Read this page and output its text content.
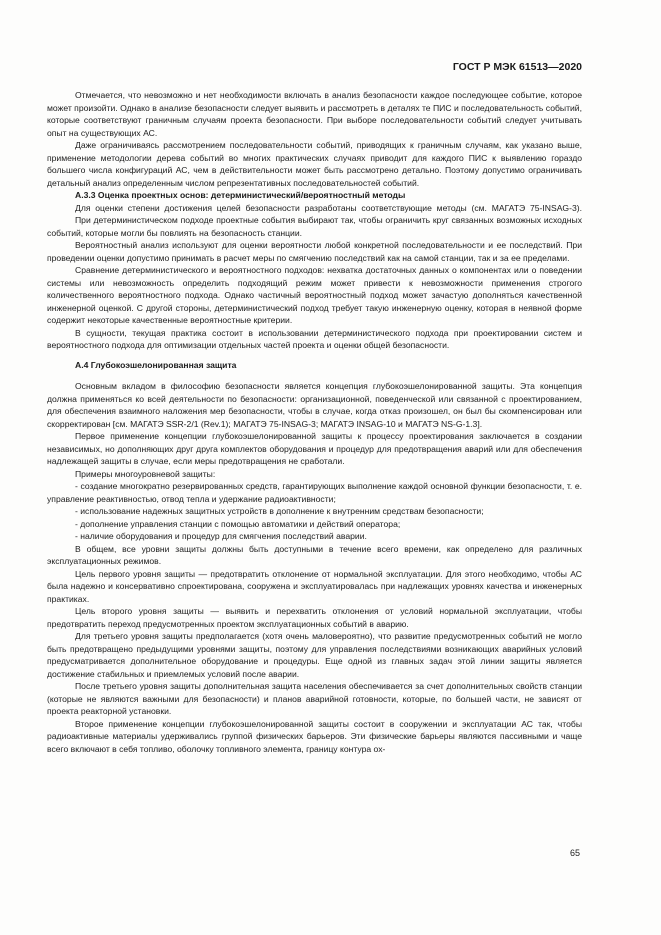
ГОСТ Р МЭК 61513—2020

Отмечается, что невозможно и нет необходимости включать в анализ безопасности каждое последующее событие, которое может произойти. Однако в анализе безопасности следует выявить и рассмотреть в деталях те ПИС и последовательность событий, которые соответствуют граничным случаям проекта безопасности. При выборе последовательности событий следует учитывать опыт на существующих АС.

Даже ограничиваясь рассмотрением последовательности событий, приводящих к граничным случаям, как указано выше, применение методологии дерева событий во многих практических случаях приводит для каждого ПИС к выявлению гораздо большего числа конфигураций АС, чем в действительности может быть рассмотрено детально. Поэтому допустимо ограничивать детальный анализ определенным числом репрезентативных последовательностей событий.

А.3.3 Оценка проектных основ: детерминистический/вероятностный методы

Для оценки степени достижения целей безопасности разработаны соответствующие методы (см. МАГАТЭ 75-INSAG-3).

При детерминистическом подходе проектные события выбирают так, чтобы ограничить круг связанных возможных исходных событий, которые могли бы повлиять на безопасность станции.

Вероятностный анализ используют для оценки вероятности любой конкретной последовательности и ее последствий. При проведении оценки допустимо принимать в расчет меры по смягчению последствий как на самой станции, так и за ее пределами.

Сравнение детерминистического и вероятностного подходов: нехватка достаточных данных о компонентах или о поведении системы или невозможность определить подходящий режим может привести к невозможности применения строгого количественного вероятностного подхода. Однако частичный вероятностный подход может зачастую дополняться качественной инженерной оценкой. С другой стороны, детерминистический подход требует такую инженерную оценку, которая в неявной форме содержит некоторые качественные вероятностные критерии.

В сущности, текущая практика состоит в использовании детерминистического подхода при проектировании систем и вероятностного подхода для оптимизации отдельных частей проекта и оценки общей безопасности.

А.4 Глубокоэшелонированная защита

Основным вкладом в философию безопасности является концепция глубокоэшелонированной защиты. Эта концепция должна применяться ко всей деятельности по безопасности: организационной, поведенческой или связанной с проектированием, для обеспечения взаимного наложения мер безопасности, чтобы в случае, когда отказ произошел, он был бы скомпенсирован или скорректирован [см. МАГАТЭ SSR-2/1 (Rev.1); МАГАТЭ 75-INSAG-3; МАГАТЭ INSAG-10 и МАГАТЭ NS-G-1.3].

Первое применение концепции глубокоэшелонированной защиты к процессу проектирования заключается в создании независимых, но дополняющих друг друга комплектов оборудования и процедур для предотвращения аварий или для обеспечения надлежащей защиты в случае, если меры предотвращения не сработали.

Примеры многоуровневой защиты:

- создание многократно резервированных средств, гарантирующих выполнение каждой основной функции безопасности, т. е. управление реактивностью, отвод тепла и удержание радиоактивности;

- использование надежных защитных устройств в дополнение к внутренним средствам безопасности;

- дополнение управления станции с помощью автоматики и действий оператора;

- наличие оборудования и процедур для смягчения последствий аварии.

В общем, все уровни защиты должны быть доступными в течение всего времени, как определено для различных эксплуатационных режимов.

Цель первого уровня защиты — предотвратить отклонение от нормальной эксплуатации. Для этого необходимо, чтобы АС была надежно и консервативно спроектирована, сооружена и эксплуатировалась при надлежащих уровнях качества и инженерных практиках.

Цель второго уровня защиты — выявить и перехватить отклонения от условий нормальной эксплуатации, чтобы предотвратить переход предусмотренных проектом эксплуатационных событий в аварию.

Для третьего уровня защиты предполагается (хотя очень маловероятно), что развитие предусмотренных событий не могло быть предотвращено предыдущими уровнями защиты, поэтому для управления последствиями возникающих аварийных условий предусматривается дополнительное оборудование и процедуры. Еще одной из главных задач этой линии защиты является достижение стабильных и приемлемых условий после аварии.

После третьего уровня защиты дополнительная защита населения обеспечивается за счет дополнительных свойств станции (которые не являются важными для безопасности) и планов аварийной готовности, которые, по большей части, не зависят от проекта реакторной установки.

Второе применение концепции глубокоэшелонированной защиты состоит в сооружении и эксплуатации АС так, чтобы радиоактивные материалы удерживались группой физических барьеров. Эти физические барьеры являются пассивными и чаще всего включают в себя топливо, оболочку топливного элемента, границу контура ох-

65
